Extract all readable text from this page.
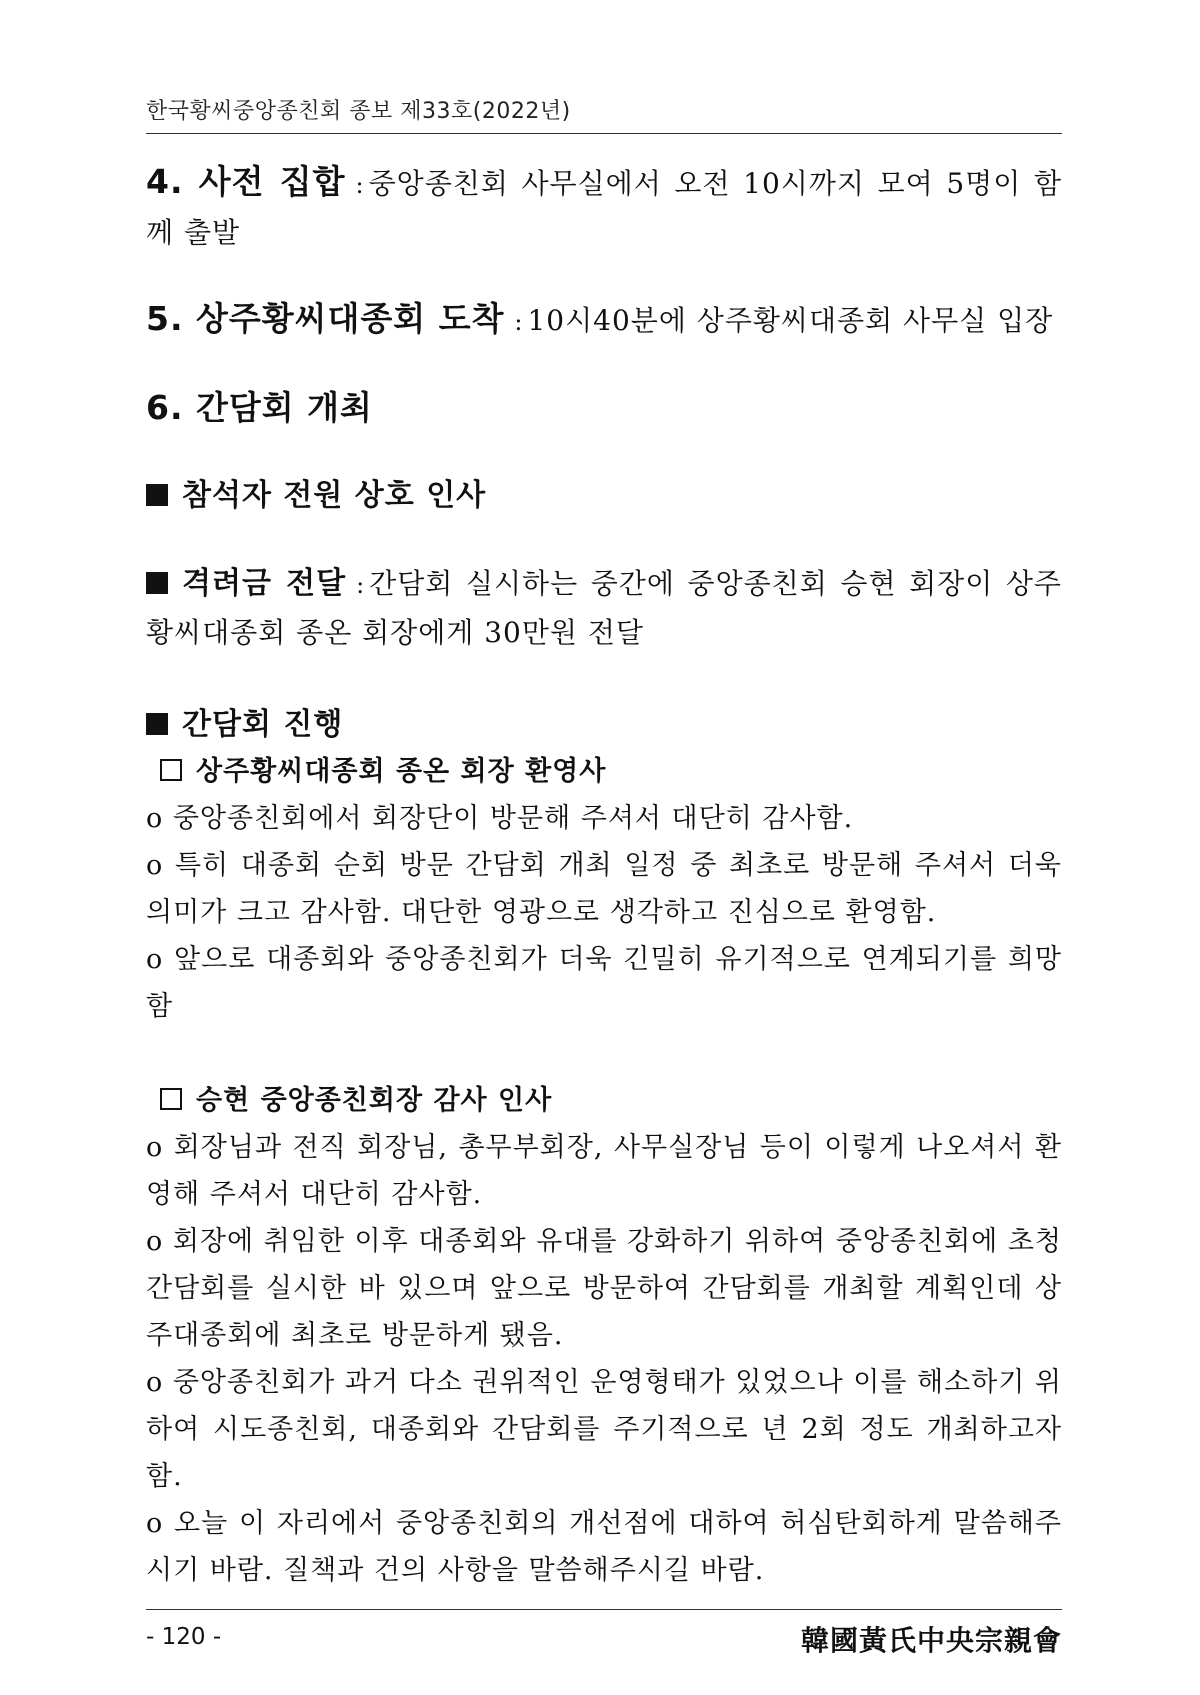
한국황씨중앙종친회 종보 제33호(2022년)
4. 사전 집합 : 중앙종친회 사무실에서 오전 10시까지 모여 5명이 함께 출발
5. 상주황씨대종회 도착 : 10시40분에 상주황씨대종회 사무실 입장
6. 간담회 개최
참석자 전원 상호 인사
격려금 전달 : 간담회 실시하는 중간에 중앙종친회 승현 회장이 상주황씨대종회 종온 회장에게 30만원 전달
간담회 진행
상주황씨대종회 종온 회장 환영사
o 중앙종친회에서 회장단이 방문해 주셔서 대단히 감사함.
o 특히 대종회 순회 방문 간담회 개최 일정 중 최초로 방문해 주셔서 더욱 의미가 크고 감사함. 대단한 영광으로 생각하고 진심으로 환영함.
o 앞으로 대종회와 중앙종친회가 더욱 긴밀히 유기적으로 연계되기를 희망함
승현 중앙종친회장 감사 인사
o 회장님과 전직 회장님, 총무부회장, 사무실장님 등이 이렇게 나오셔서 환영해 주셔서 대단히 감사함.
o 회장에 취임한 이후 대종회와 유대를 강화하기 위하여 중앙종친회에 초청 간담회를 실시한 바 있으며 앞으로 방문하여 간담회를 개최할 계획인데 상주대종회에 최초로 방문하게 됐음.
o 중앙종친회가 과거 다소 권위적인 운영형태가 있었으나 이를 해소하기 위하여 시도종친회, 대종회와 간담회를 주기적으로 년 2회 정도 개최하고자 함.
o 오늘 이 자리에서 중앙종친회의 개선점에 대하여 허심탄회하게 말씀해주시기 바람. 질책과 건의 사항을 말씀해주시길 바람.
- 120 -	韓國黃氏中央宗親會
